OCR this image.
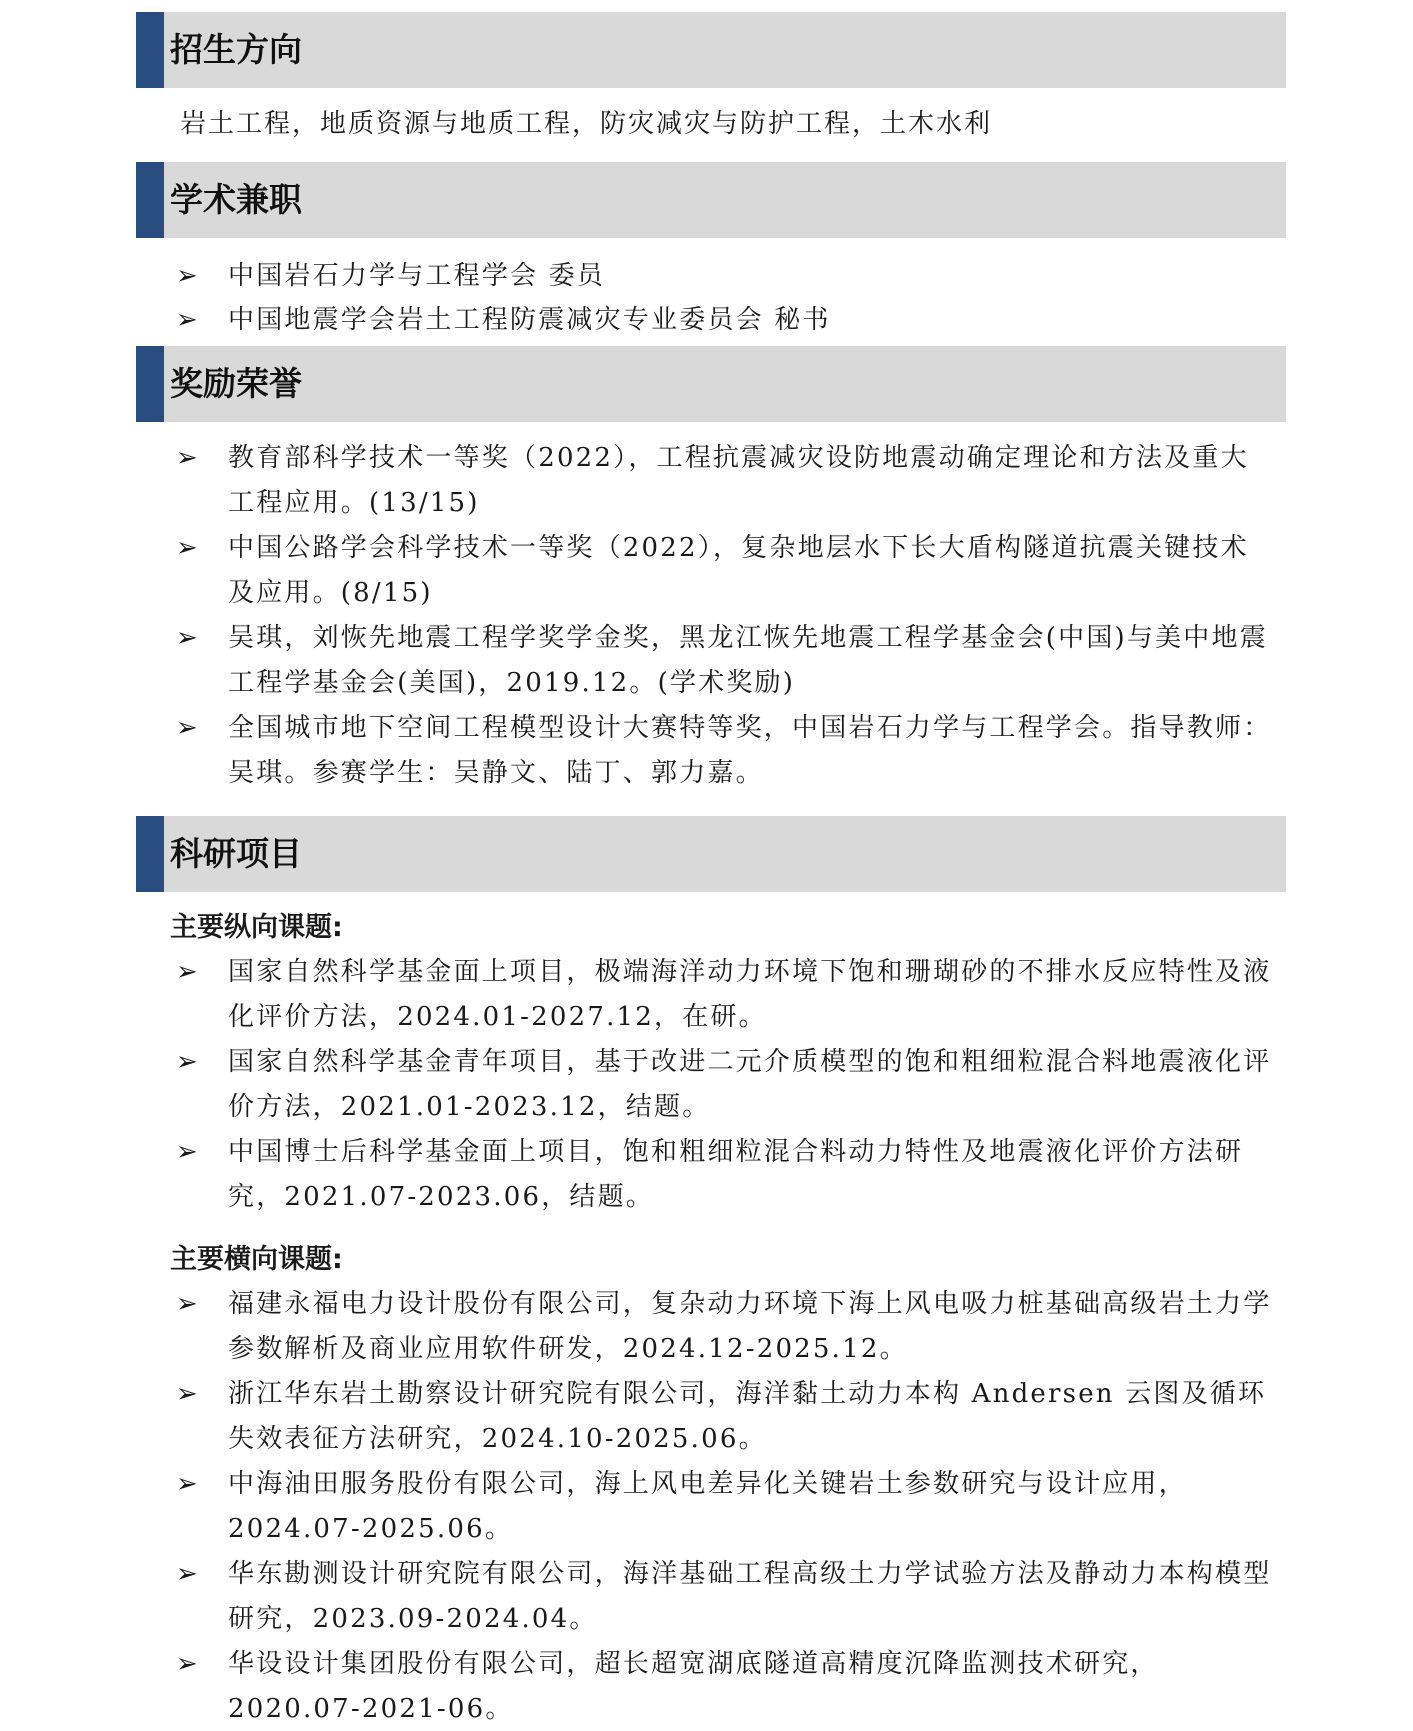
招生方向
岩土工程，地质资源与地质工程，防灾减灾与防护工程，土木水利
学术兼职
➢	中国岩石力学与工程学会 委员
➢	中国地震学会岩土工程防震减灾专业委员会 秘书
奖励荣誉
➢	教育部科学技术一等奖（2022），工程抗震减灾设防地震动确定理论和方法及重大工程应用。(13/15)
➢	中国公路学会科学技术一等奖（2022），复杂地层水下长大盾构隧道抗震关键技术及应用。(8/15)
➢	吴琪，刘恢先地震工程学奖学金奖，黑龙江恢先地震工程学基金会(中国)与美中地震工程学基金会(美国)，2019.12。(学术奖励)
➢	全国城市地下空间工程模型设计大赛特等奖，中国岩石力学与工程学会。指导教师：吴琪。参赛学生：吴静文、陆丁、郭力嘉。
科研项目
主要纵向课题:
➢	国家自然科学基金面上项目，极端海洋动力环境下饱和珊瑚砂的不排水反应特性及液化评价方法，2024.01-2027.12，在研。
➢	国家自然科学基金青年项目，基于改进二元介质模型的饱和粗细粒混合料地震液化评价方法，2021.01-2023.12，结题。
➢	中国博士后科学基金面上项目，饱和粗细粒混合料动力特性及地震液化评价方法研究，2021.07-2023.06，结题。
主要横向课题:
➢	福建永福电力设计股份有限公司，复杂动力环境下海上风电吸力桩基础高级岩土力学参数解析及商业应用软件研发，2024.12-2025.12。
➢	浙江华东岩土勘察设计研究院有限公司，海洋黏土动力本构 Andersen 云图及循环失效表征方法研究，2024.10-2025.06。
➢	中海油田服务股份有限公司，海上风电差异化关键岩土参数研究与设计应用，2024.07-2025.06。
➢	华东勘测设计研究院有限公司，海洋基础工程高级土力学试验方法及静动力本构模型研究，2023.09-2024.04。
➢	华设设计集团股份有限公司，超长超宽湖底隧道高精度沉降监测技术研究，2020.07-2021-06。
